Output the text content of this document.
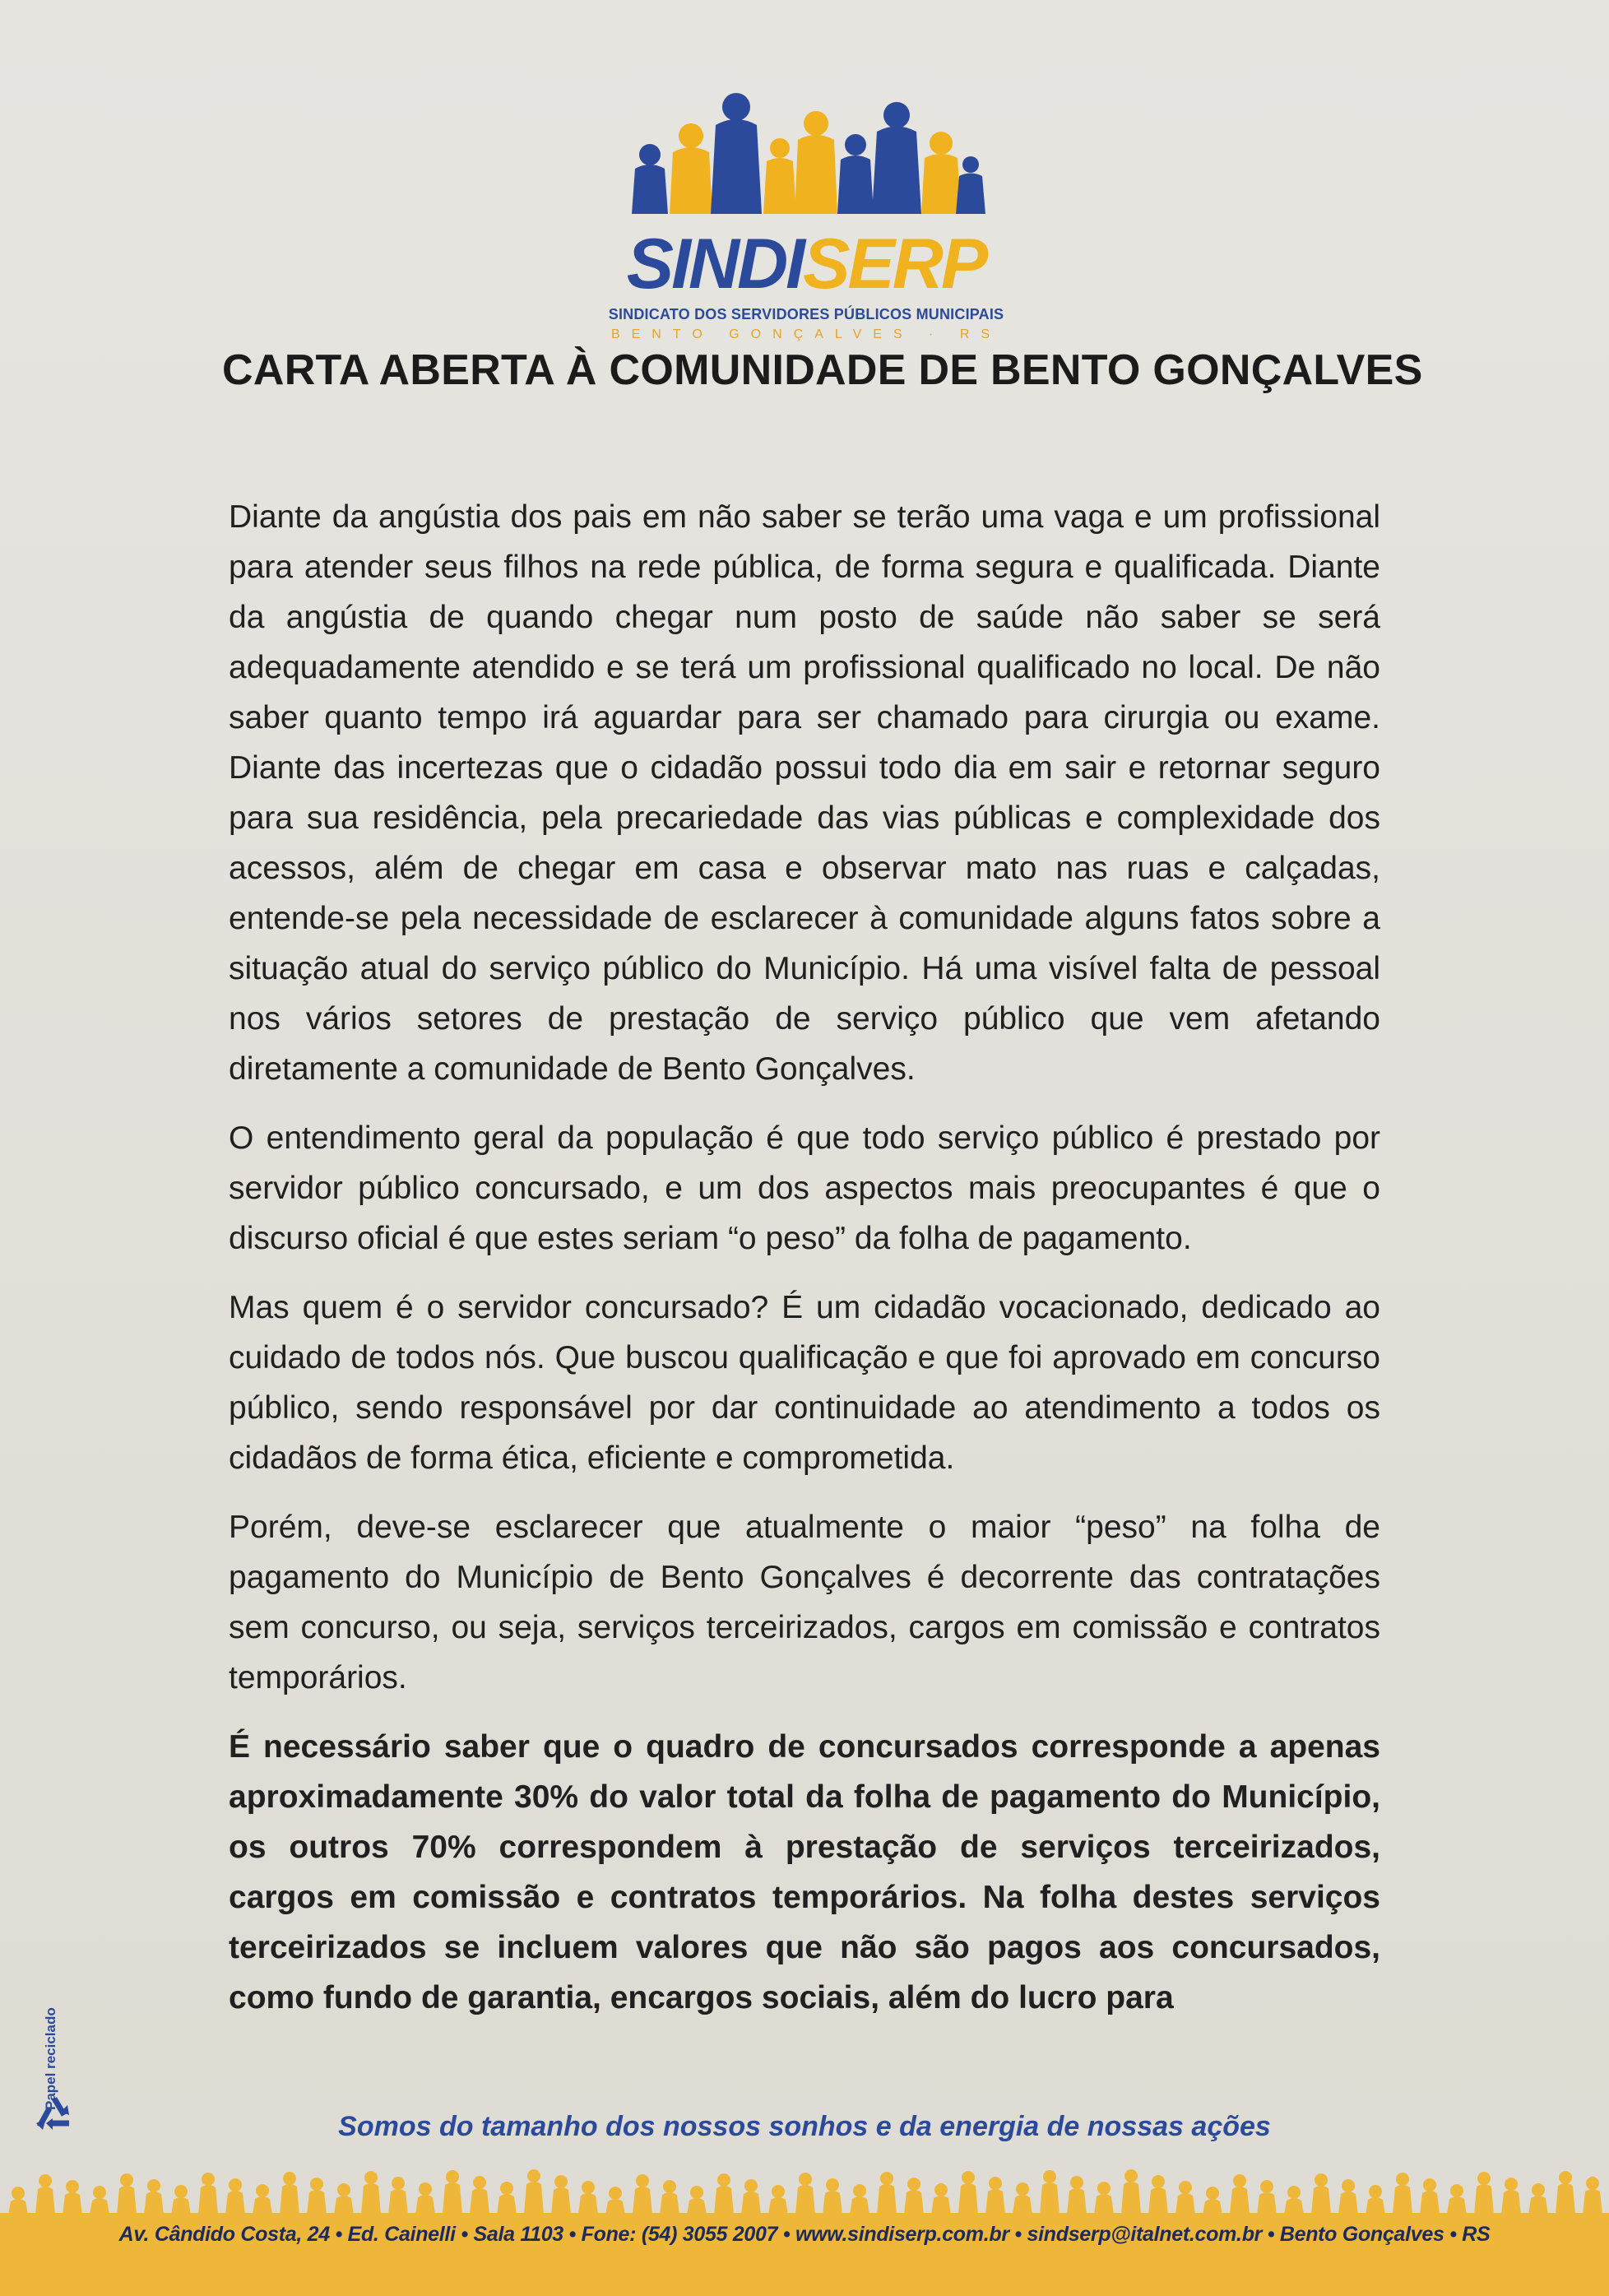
SINDISERP
SINDICATO DOS SERVIDORES PÚBLICOS MUNICIPAIS
BENTO GONÇALVES · RS
CARTA ABERTA À COMUNIDADE DE BENTO GONÇALVES

Diante da angústia dos pais em não saber se terão uma vaga e um profissional para atender seus filhos na rede pública, de forma segura e qualificada. Diante da angústia de quando chegar num posto de saúde não saber se será adequadamente atendido e se terá um profissional qualificado no local. De não saber quanto tempo irá aguardar para ser chamado para cirurgia ou exame. Diante das incertezas que o cidadão possui todo dia em sair e retornar seguro para sua residência, pela precariedade das vias públicas e complexidade dos acessos, além de chegar em casa e observar mato nas ruas e calçadas, entende-se pela necessidade de esclarecer à comunidade alguns fatos sobre a situação atual do serviço público do Município. Há uma visível falta de pessoal nos vários setores de prestação de serviço público que vem afetando diretamente a comunidade de Bento Gonçalves.

O entendimento geral da população é que todo serviço público é prestado por servidor público concursado, e um dos aspectos mais preocupantes é que o discurso oficial é que estes seriam “o peso” da folha de pagamento.

Mas quem é o servidor concursado? É um cidadão vocacionado, dedicado ao cuidado de todos nós. Que buscou qualificação e que foi aprovado em concurso público, sendo responsável por dar continuidade ao atendimento a todos os cidadãos de forma ética, eficiente e comprometida.

Porém, deve-se esclarecer que atualmente o maior “peso” na folha de pagamento do Município de Bento Gonçalves é decorrente das contratações sem concurso, ou seja, serviços terceirizados, cargos em comissão e contratos temporários.

É necessário saber que o quadro de concursados corresponde a apenas aproximadamente 30% do valor total da folha de pagamento do Município, os outros 70% correspondem à prestação de serviços terceirizados, cargos em comissão e contratos temporários. Na folha destes serviços terceirizados se incluem valores que não são pagos aos concursados, como fundo de garantia, encargos sociais, além do lucro para

Papel reciclado
Somos do tamanho dos nossos sonhos e da energia de nossas ações
Av. Cândido Costa, 24 • Ed. Cainelli • Sala 1103 • Fone: (54) 3055 2007 • www.sindiserp.com.br • sindserp@italnet.com.br • Bento Gonçalves • RS
